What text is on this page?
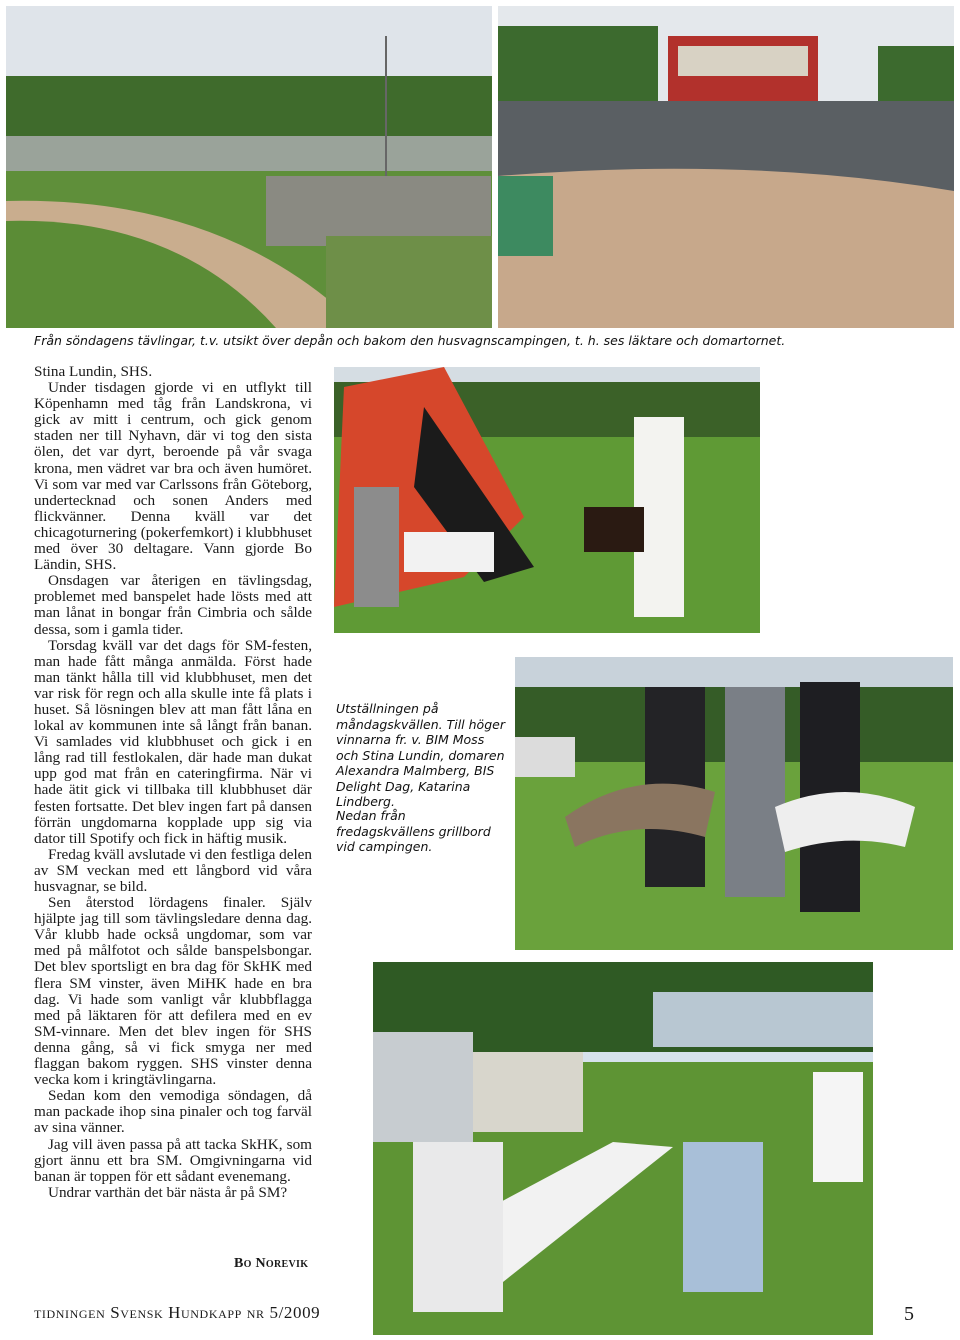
Från söndagens tävlingar, t.v. utsikt över depån och bakom den husvagnscampingen, t. h. ses läktare och domartornet.

Utställningen på måndagskvällen. Till höger vinnarna fr. v. BIM Moss och Stina Lundin, domaren Alexandra Malmberg, BIS Delight Dag, Katarina Lindberg.

Nedan från fredagskvällens grillbord vid campingen.

Stina Lundin, SHS.

Under tisdagen gjorde vi en utflykt till Köpenhamn med tåg från Landskrona, vi gick av mitt i centrum, och gick genom staden ner till Nyhavn, där vi tog den sista ölen, det var dyrt, beroende på vår svaga krona, men vädret var bra och även humöret. Vi som var med var Carlssons från Göteborg, undertecknad och sonen Anders med flickvänner. Denna kväll var det chicagoturnering (pokerfemkort) i klubbhuset med över 30 deltagare. Vann gjorde Bo Ländin, SHS.

Onsdagen var återigen en tävlingsdag, problemet med banspelet hade lösts med att man lånat in bongar från Cimbria och sålde dessa, som i gamla tider.

Torsdag kväll var det dags för SM-festen, man hade fått många anmälda. Först hade man tänkt hålla till vid klubbhuset, men det var risk för regn och alla skulle inte få plats i huset. Så lösningen blev att man fått låna en lokal av kommunen inte så långt från banan. Vi samlades vid klubbhuset och gick i en lång rad till festlokalen, där hade man dukat upp god mat från en cateringfirma. När vi hade ätit gick vi tillbaka till klubbhuset där festen fortsatte. Det blev ingen fart på dansen förrän ungdomarna kopplade upp sig via dator till Spotify och fick in häftig musik.

Fredag kväll avslutade vi den festliga delen av SM veckan med ett långbord vid våra husvagnar, se bild.

Sen återstod lördagens finaler. Själv hjälpte jag till som tävlingsledare denna dag. Vår klubb hade också ungdomar, som var med på målfotot och sålde banspelsbongar. Det blev sportsligt en bra dag för SkHK med flera SM vinster, även MiHK hade en bra dag. Vi hade som vanligt vår klubbflagga med på läktaren för att defilera med en ev SM-vinnare. Men det blev ingen för SHS denna gång, så vi fick smyga ner med flaggan bakom ryggen. SHS vinster denna vecka kom i kringtävlingarna.

Sedan kom den vemodiga söndagen, då man packade ihop sina pinaler och tog farväl av sina vänner.

Jag vill även passa på att tacka SkHK, som gjort ännu ett bra SM. Omgivningarna vid banan är toppen för ett sådant evenemang.

Undrar varthän det bär nästa år på SM?

Bo Norevik
tidningen Svensk Hundkapp nr 5/2009	5
